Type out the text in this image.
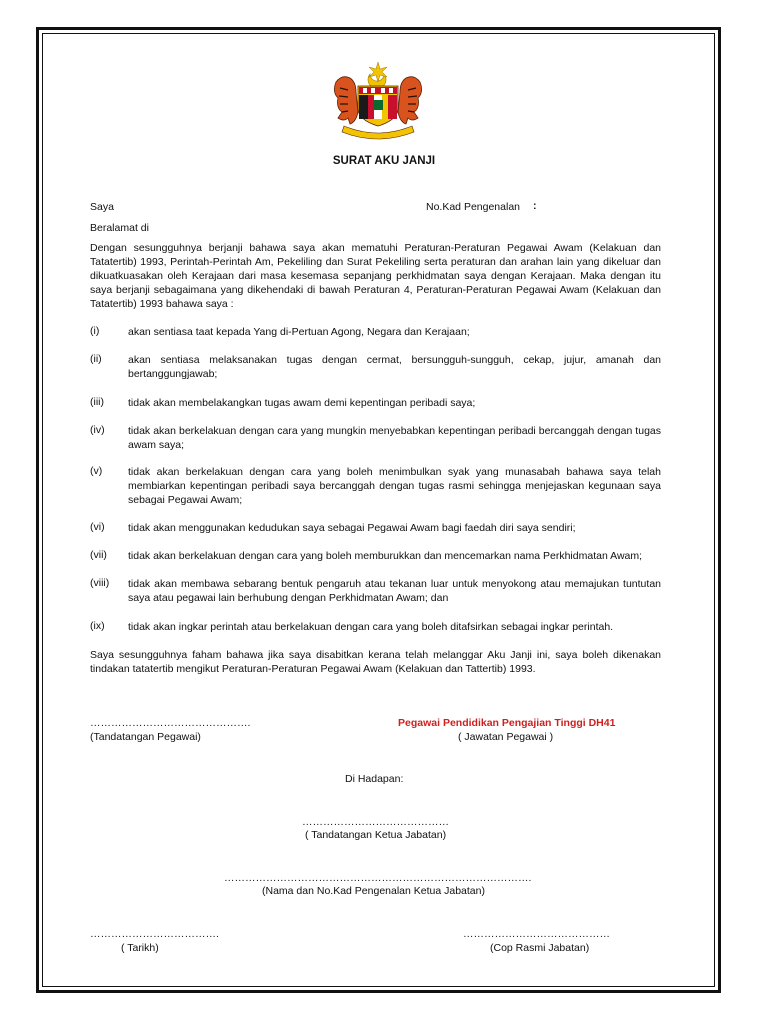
SURAT AKU JANJI
Saya	No.Kad Pengenalan :
Beralamat di
Dengan sesungguhnya berjanji bahawa saya akan mematuhi Peraturan-Peraturan Pegawai Awam (Kelakuan dan Tatatertib) 1993, Perintah-Perintah Am, Pekeliling dan Surat Pekeliling serta peraturan dan arahan lain yang dikeluar dan dikuatkuasakan oleh Kerajaan dari masa kesemasa sepanjang perkhidmatan saya dengan Kerajaan. Maka dengan itu saya berjanji sebagaimana yang dikehendaki di bawah Peraturan 4, Peraturan-Peraturan Pegawai Awam (Kelakuan dan Tatatertib) 1993 bahawa saya :
(i)	akan sentiasa taat kepada Yang di-Pertuan Agong, Negara dan Kerajaan;
(ii)	akan sentiasa melaksanakan tugas dengan cermat, bersungguh-sungguh, cekap, jujur, amanah dan bertanggungjawab;
(iii) tidak akan membelakangkan tugas awam demi kepentingan peribadi saya;
(iv) tidak akan berkelakuan dengan cara yang mungkin menyebabkan kepentingan peribadi bercanggah dengan tugas awam saya;
(v) tidak akan berkelakuan dengan cara yang boleh menimbulkan syak yang munasabah bahawa saya telah membiarkan kepentingan peribadi saya bercanggah dengan tugas rasmi sehingga menjejaskan kegunaan saya sebagai Pegawai Awam;
(vi) tidak akan menggunakan kedudukan saya sebagai Pegawai Awam bagi faedah diri saya sendiri;
(vii) tidak akan berkelakuan dengan cara yang boleh memburukkan dan mencemarkan nama Perkhidmatan Awam;
(viii) tidak akan membawa sebarang bentuk pengaruh atau tekanan luar untuk menyokong atau memajukan tuntutan saya atau pegawai lain berhubung dengan Perkhidmatan Awam; dan
(ix) tidak akan ingkar perintah atau berkelakuan dengan cara yang boleh ditafsirkan sebagai ingkar perintah.
Saya sesungguhnya faham bahawa jika saya disabitkan kerana telah melanggar Aku Janji ini, saya boleh dikenakan tindakan tatatertib mengikut Peraturan-Peraturan Pegawai Awam (Kelakuan dan Tattertib) 1993.
……………………………………….
(Tandatangan Pegawai)
Pegawai Pendidikan Pengajian Tinggi DH41
( Jawatan Pegawai )
Di Hadapan:
……………………………………
( Tandatangan Ketua Jabatan)
…………………………………………………………………………….
(Nama dan No.Kad Pengenalan Ketua Jabatan)
……………………………….
( Tarikh)
……………………………………
(Cop Rasmi Jabatan)
